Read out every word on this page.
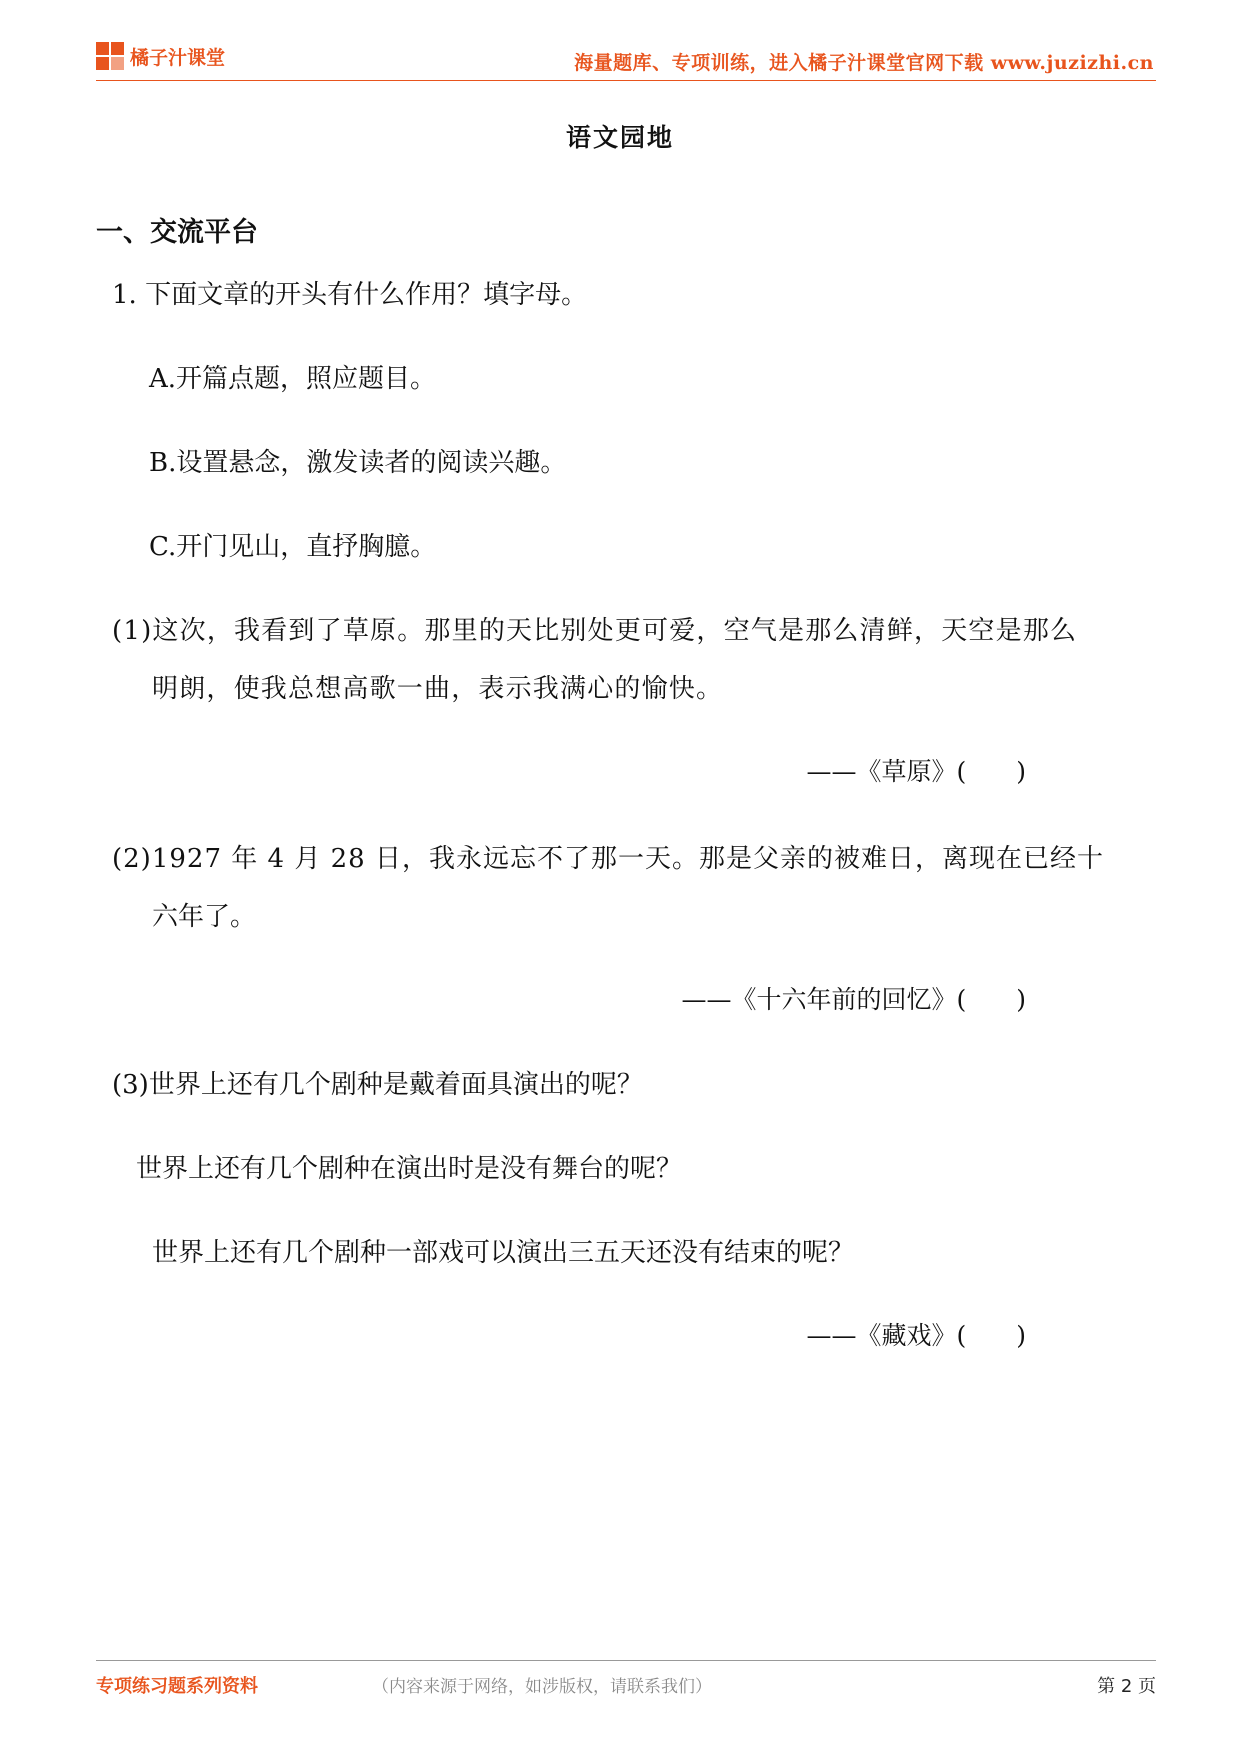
橘子汁课堂	海量题库、专项训练，进入橘子汁课堂官网下载 www.juzizhi.cn
语文园地
一、交流平台
1. 下面文章的开头有什么作用？填字母。
A.开篇点题，照应题目。
B.设置悬念，激发读者的阅读兴趣。
C.开门见山，直抒胸臆。
(1)这次，我看到了草原。那里的天比别处更可爱，空气是那么清鲜，天空是那么
明朗，使我总想高歌一曲，表示我满心的愉快。
——《草原》(　　)
(2)1927 年 4 月 28 日，我永远忘不了那一天。那是父亲的被难日，离现在已经十
六年了。
——《十六年前的回忆》(　　)
(3)世界上还有几个剧种是戴着面具演出的呢？
世界上还有几个剧种在演出时是没有舞台的呢？
世界上还有几个剧种一部戏可以演出三五天还没有结束的呢？
——《藏戏》(　　)
专项练习题系列资料	（内容来源于网络，如涉版权，请联系我们）	第 2 页
